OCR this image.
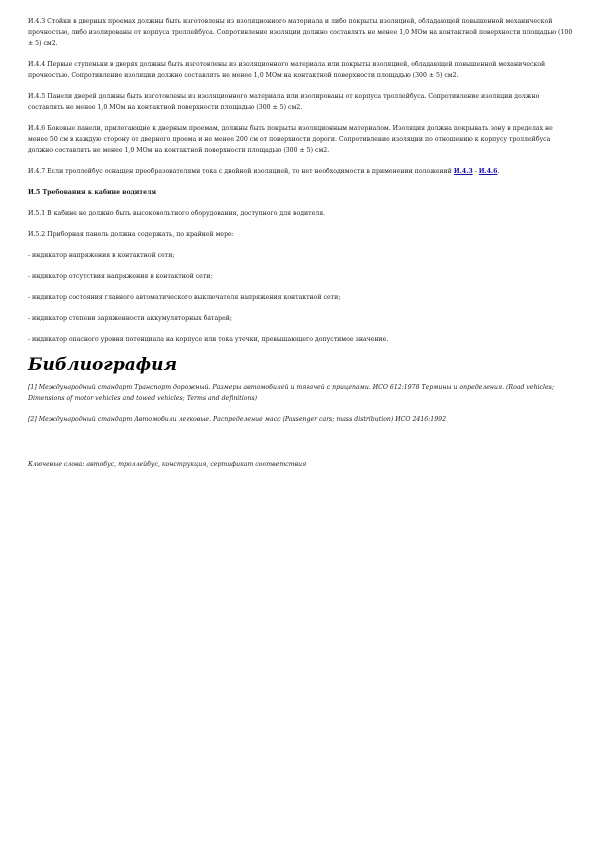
И.4.3 Стойки в дверных проемах должны быть изготовлены из изоляционного материала и либо покрыты изоляцией, обладающей повышенной механической прочностью, либо изолированы от корпуса троллейбуса. Сопротивление изоляции должно составлять не менее 1,0 МОм на контактной поверхности площадью (100 ± 5) см2.

И.4.4 Первые ступеньки в дверях должны быть изготовлены из изоляционного материала или покрыты изоляцией, обладающей повышенной механической прочностью. Сопротивление изоляции должно составлять не менее 1,0 МОм на контактной поверхности площадью (300 ± 5) см2.

И.4.5 Панели дверей должны быть изготовлены из изоляционного материала или изолированы от корпуса троллейбуса. Сопротивление изоляции должно составлять не менее 1,0 МОм на контактной поверхности площадью (300 ± 5) см2.

И.4.6 Боковые панели, прилегающие к дверным проемам, должны быть покрыты изоляционным материалом. Изоляция должна покрывать зону в пределах не менее 50 см в каждую сторону от дверного проема и не менее 200 см от поверхности дороги. Сопротивление изоляции по отношению к корпусу троллейбуса должно составлять не менее 1,0 МОм на контактной поверхности площадью (300 ± 5) см2.

И.4.7 Если троллейбус оснащен преобразователями тока с двойной изоляцией, то нет необходимости в применении положений И.4.3 - И.4.6.

И.5 Требования к кабине водителя

И.5.1 В кабине не должно быть высоковольтного оборудования, доступного для водителя.

И.5.2 Приборная панель должна содержать, по крайней мере:

- индикатор напряжения в контактной сети;

- индикатор отсутствия напряжения в контактной сети;

- индикатор состояния главного автоматического выключателя напряжения контактной сети;

- индикатор степени заряженности аккумуляторных батарей;

- индикатор опасного уровня потенциала на корпусе или тока утечки, превышающего допустимое значение.

Библиография

[1] Международный стандарт Транспорт дорожный. Размеры автомобилей и тягачей с прицепами. ИСО 612:1978 Термины и определения. (Road vehicles; Dimensions of motor vehicles and towed vehicles; Terms and definitions)

[2] Международный стандарт Автомобили легковые. Распределение масс (Passenger cars; mass distribution) ИСО 2416:1992

Ключевые слова: автобус, троллейбус, конструкция, сертификат соответствия
